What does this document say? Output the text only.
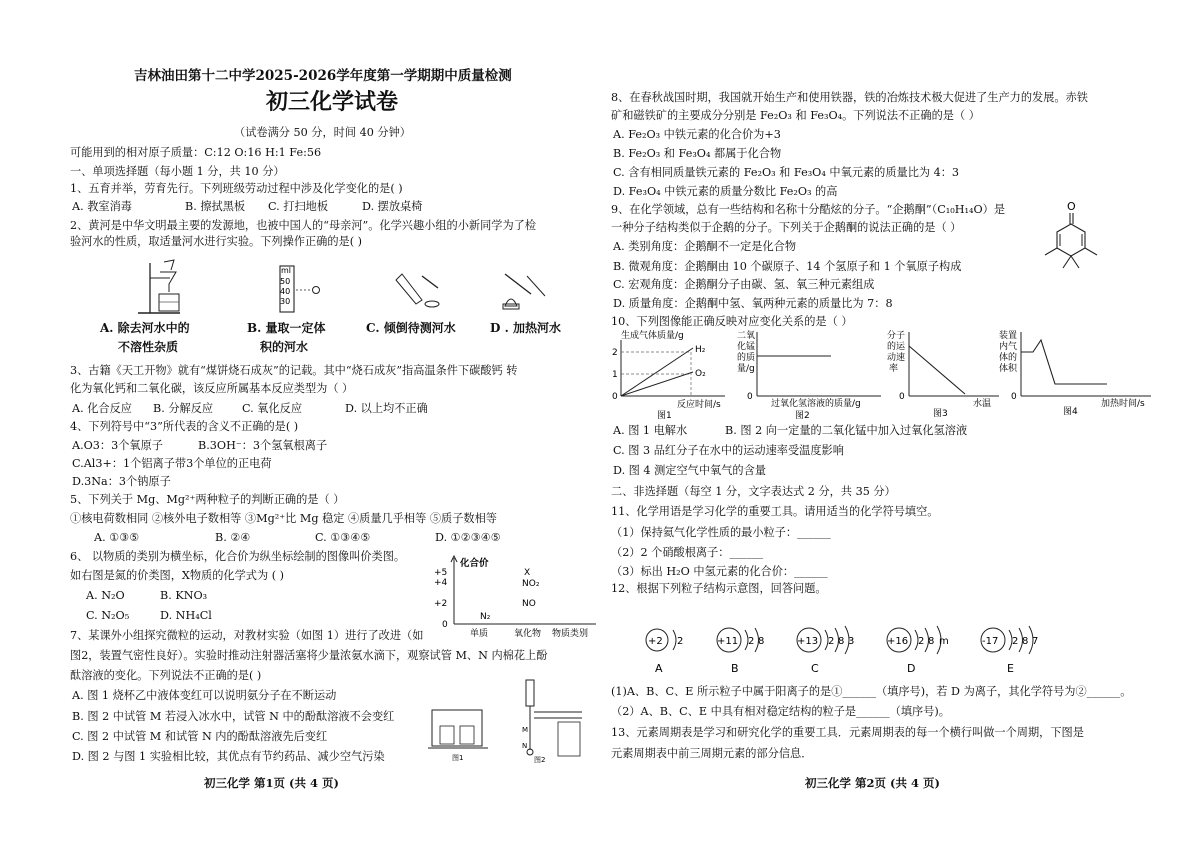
吉林油田第十二中学2025-2026学年度第一学期期中质量检测
初三化学试卷
（试卷满分 50 分，时间 40 分钟）
可能用到的相对原子质量：C:12 O:16 H:1 Fe:56
一、单项选择题（每小题 1 分，共 10 分）
1、五育并举，劳育先行。下列班级劳动过程中涉及化学变化的是( )
A. 教室消毒	B. 擦拭黑板 C. 打扫地板	D. 摆放桌椅
2、黄河是中华文明最主要的发源地，也被中国人的“母亲河”。化学兴趣小组的小新同学为了检
验河水的性质，取适量河水进行实验。下列操作正确的是( )
ml
50
40
30
A. 除去河水中的
不溶性杂质
B. 量取一定体
积的河水
C. 倾倒待测河水	D . 加热河水
3、古籍《天工开物》就有“煤饼烧石成灰”的记载。其中“烧石成灰”指高温条件下碳酸钙 转
化为氧化钙和二氧化碳，该反应所属基本反应类型为（ ）
A. 化合反应 B. 分解反应	C. 氧化反应	D. 以上均不正确
4、下列符号中“3”所代表的含义不正确的是( )
A.O3：3个氧原子	B.3OH⁻：3个氢氧根离子
C.Al3+：1个铝离子带3个单位的正电荷
D.3Na：3个钠原子
5、下列关于 Mg、Mg²⁺两种粒子的判断正确的是（ ）
①核电荷数相同 ②核外电子数相等 ③Mg²⁺比 Mg 稳定 ④质量几乎相等 ⑤质子数相等
A. ①③⑤	B. ②④	C. ①③④⑤	D. ①②③④⑤
6、 以物质的类别为横坐标，化合价为纵坐标绘制的图像叫价类图。
如右图是氮的价类图，X物质的化学式为 ( )
A. N₂O	B. KNO₃
C. N₂O₅	D. NH₄Cl
化合价
+5
+4
+2
0
X
NO₂
NO
N₂
单质	氧化物 物质类别
7、某课外小组探究微粒的运动，对教材实验（如图 1）进行了改进（如
图2，装置气密性良好）。实验时推动注射器活塞将少量浓氨水滴下，观察试管 M、N 内棉花上酚
酞溶液的变化。下列说法不正确的是( )
A. 图 1 烧杯乙中液体变红可以说明氨分子在不断运动
B. 图 2 中试管 M 若浸入冰水中，试管 N 中的酚酞溶液不会变红
C. 图 2 中试管 M 和试管 N 内的酚酞溶液先后变红
D. 图 2 与图 1 实验相比较，其优点有节约药品、减少空气污染	图1
M
N
图2
初三化学 第1页 (共 4 页)
8、在春秋战国时期，我国就开始生产和使用铁器，铁的冶炼技术极大促进了生产力的发展。赤铁
矿和磁铁矿的主要成分分别是 Fe₂O₃ 和 Fe₃O₄。下列说法不正确的是（ ）
A. Fe₂O₃ 中铁元素的化合价为+3
B. Fe₂O₃ 和 Fe₃O₄ 都属于化合物
C. 含有相同质量铁元素的 Fe₂O₃ 和 Fe₃O₄ 中氧元素的质量比为 4：3
D. Fe₃O₄ 中铁元素的质量分数比 Fe₂O₃ 的高
9、在化学领域，总有一些结构和名称十分酷炫的分子。“企鹅酮”（C₁₀H₁₄O）是
一种分子结构类似于企鹅的分子。下列关于企鹅酮的说法正确的是（ ）
A. 类别角度：企鹅酮不一定是化合物
B. 微观角度：企鹅酮由 10 个碳原子、14 个氢原子和 1 个氧原子构成
C. 宏观角度：企鹅酮分子由碳、氢、氧三种元素组成
D. 质量角度：企鹅酮中氢、氧两种元素的质量比为 7：8
O
10、下列图像能正确反映对应变化关系的是（ ）
生成气体质量/g
2
1
0
H₂
O₂
反应时间/s
图1
二氧
化锰
的质
量/g
0
过氧化氢溶液的质量/g
图2
分子
的运
动速
率
0
水温
图3
装置
内气
体的
体积
0
加热时间/s
图4
A. 图 1 电解水	B. 图 2 向一定量的二氧化锰中加入过氧化氢溶液
C. 图 3 品红分子在水中的运动速率受温度影响
D. 图 4 测定空气中氧气的含量
二、非选择题（每空 1 分，文字表达式 2 分，共 35 分）
11、化学用语是学习化学的重要工具。请用适当的化学符号填空。
（1）保持氦气化学性质的最小粒子：______
（2）2 个硝酸根离子：______
（3）标出 H₂O 中氢元素的化合价：______
12、根据下列粒子结构示意图，回答问题。
+2 2
A
+11 2 8
B
+13 2 8 3
C
+16 2 8 m
D
-17 2 8 7
E
(1)A、B、C、E 所示粒子中属于阳离子的是①______（填序号)，若 D 为离子，其化学符号为②______。
（2）A、B、C、E 中具有相对稳定结构的粒子是______（填序号)。
13、元素周期表是学习和研究化学的重要工具．元素周期表的每一个横行叫做一个周期，下图是
元素周期表中前三周期元素的部分信息．
初三化学 第2页 (共 4 页)
